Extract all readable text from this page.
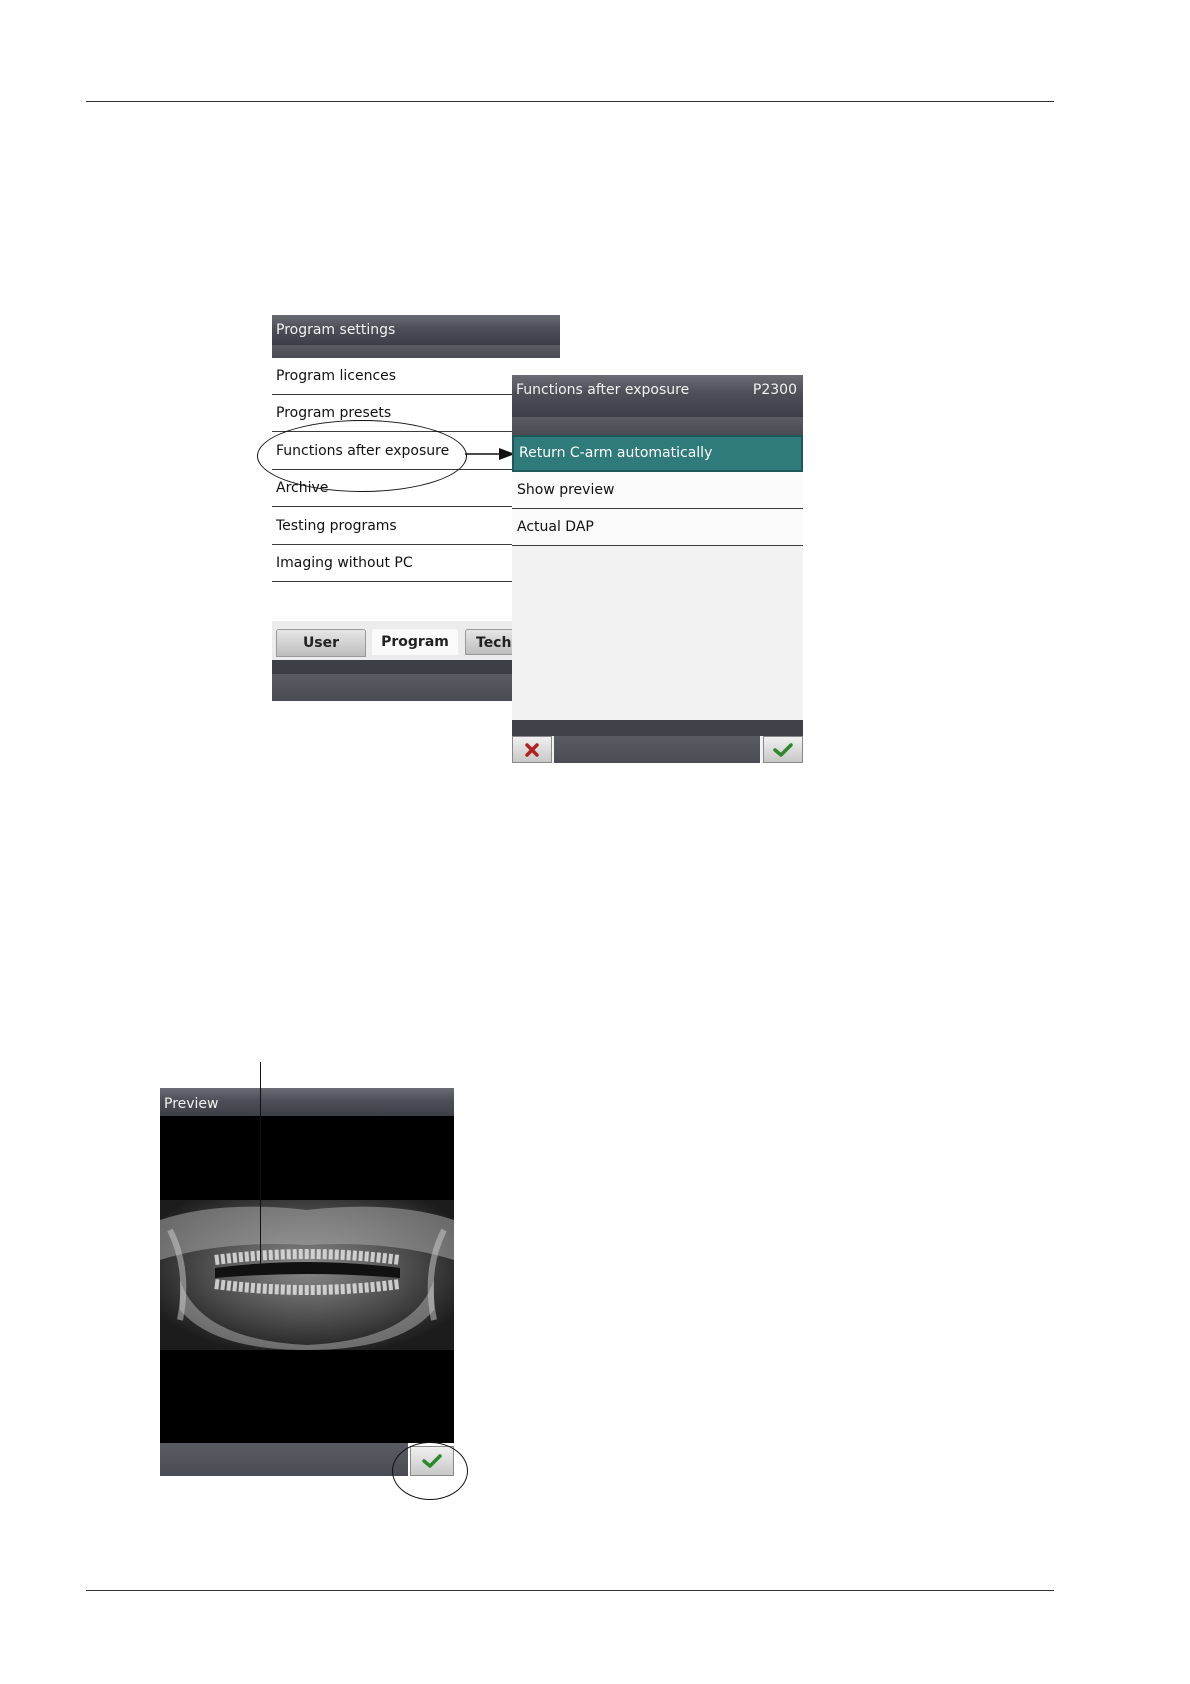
Program settings
Program licences
Program presets
Functions after exposure
Archive
Testing programs
Imaging without PC
User	Program	Tech
Functions after exposure	P2300
Return C-arm automatically
Show preview
Actual DAP
Preview
